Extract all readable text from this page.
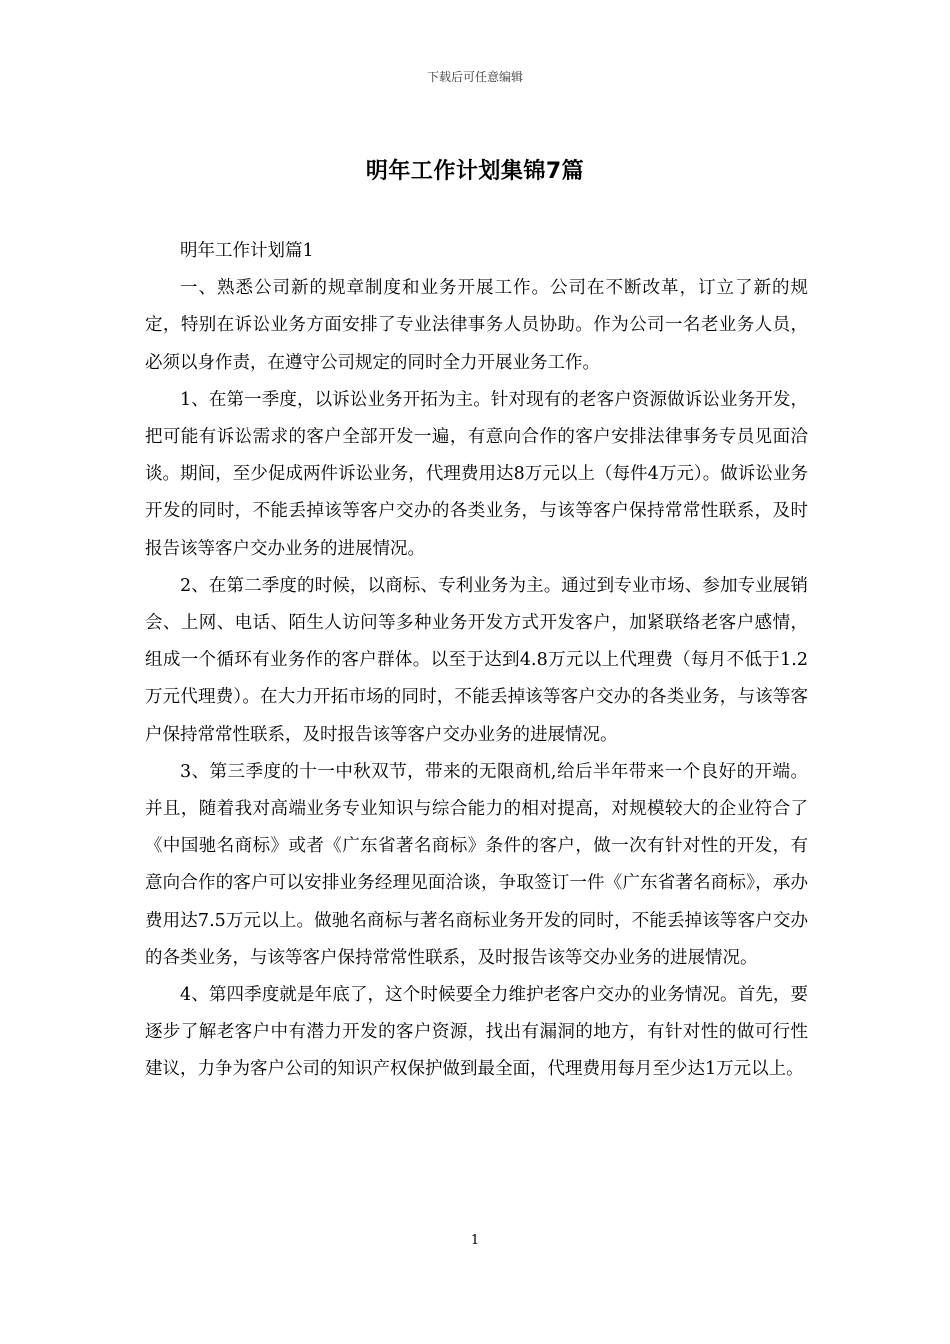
下载后可任意编辑
明年工作计划集锦7篇

明年工作计划篇1

一、熟悉公司新的规章制度和业务开展工作。公司在不断改革，订立了新的规定，特别在诉讼业务方面安排了专业法律事务人员协助。作为公司一名老业务人员，必须以身作责，在遵守公司规定的同时全力开展业务工作。

1、在第一季度，以诉讼业务开拓为主。针对现有的老客户资源做诉讼业务开发，把可能有诉讼需求的客户全部开发一遍，有意向合作的客户安排法律事务专员见面洽谈。期间，至少促成两件诉讼业务，代理费用达8万元以上（每件4万元）。做诉讼业务开发的同时，不能丢掉该等客户交办的各类业务，与该等客户保持常常性联系，及时报告该等客户交办业务的进展情况。

2、在第二季度的时候，以商标、专利业务为主。通过到专业市场、参加专业展销会、上网、电话、陌生人访问等多种业务开发方式开发客户，加紧联络老客户感情，组成一个循环有业务作的客户群体。以至于达到4.8万元以上代理费（每月不低于1.2万元代理费）。在大力开拓市场的同时，不能丢掉该等客户交办的各类业务，与该等客户保持常常性联系，及时报告该等客户交办业务的进展情况。

3、第三季度的十一中秋双节，带来的无限商机,给后半年带来一个良好的开端。并且，随着我对高端业务专业知识与综合能力的相对提高，对规模较大的企业符合了《中国驰名商标》或者《广东省著名商标》条件的客户，做一次有针对性的开发，有意向合作的客户可以安排业务经理见面洽谈，争取签订一件《广东省著名商标》，承办费用达7.5万元以上。做驰名商标与著名商标业务开发的同时，不能丢掉该等客户交办的各类业务，与该等客户保持常常性联系，及时报告该等交办业务的进展情况。

4、第四季度就是年底了，这个时候要全力维护老客户交办的业务情况。首先，要逐步了解老客户中有潜力开发的客户资源，找出有漏洞的地方，有针对性的做可行性建议，力争为客户公司的知识产权保护做到最全面，代理费用每月至少达1万元以上。

1
